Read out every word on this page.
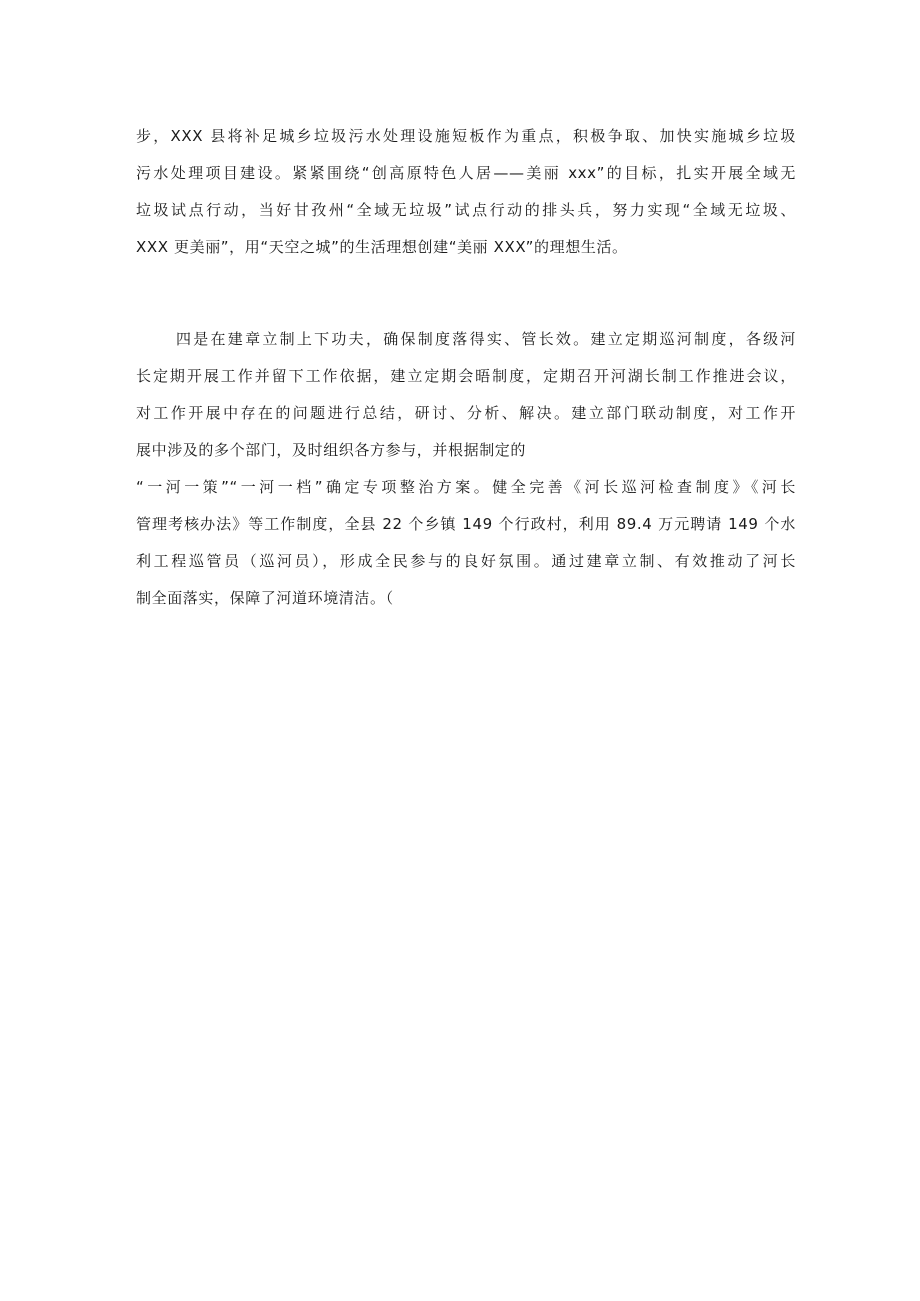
步，XXX 县将补足城乡垃圾污水处理设施短板作为重点，积极争取、加快实施城乡垃圾
污水处理项目建设。紧紧围绕“创高原特色人居——美丽 xxx”的目标，扎实开展全域无
垃圾试点行动，当好甘孜州“全域无垃圾”试点行动的排头兵，努力实现“全域无垃圾、
XXX 更美丽”，用“天空之城”的生活理想创建“美丽 XXX”的理想生活。
四是在建章立制上下功夫，确保制度落得实、管长效。建立定期巡河制度，各级河
长定期开展工作并留下工作依据，建立定期会晤制度，定期召开河湖长制工作推进会议，
对工作开展中存在的问题进行总结，研讨、分析、解决。建立部门联动制度，对工作开
展中涉及的多个部门，及时组织各方参与，并根据制定的
“一河一策”“一河一档”确定专项整治方案。健全完善《河长巡河检查制度》《河长
管理考核办法》等工作制度，全县 22 个乡镇 149 个行政村，利用 89.4 万元聘请 149 个水
利工程巡管员（巡河员），形成全民参与的良好氛围。通过建章立制、有效推动了河长
制全面落实，保障了河道环境清洁。（
